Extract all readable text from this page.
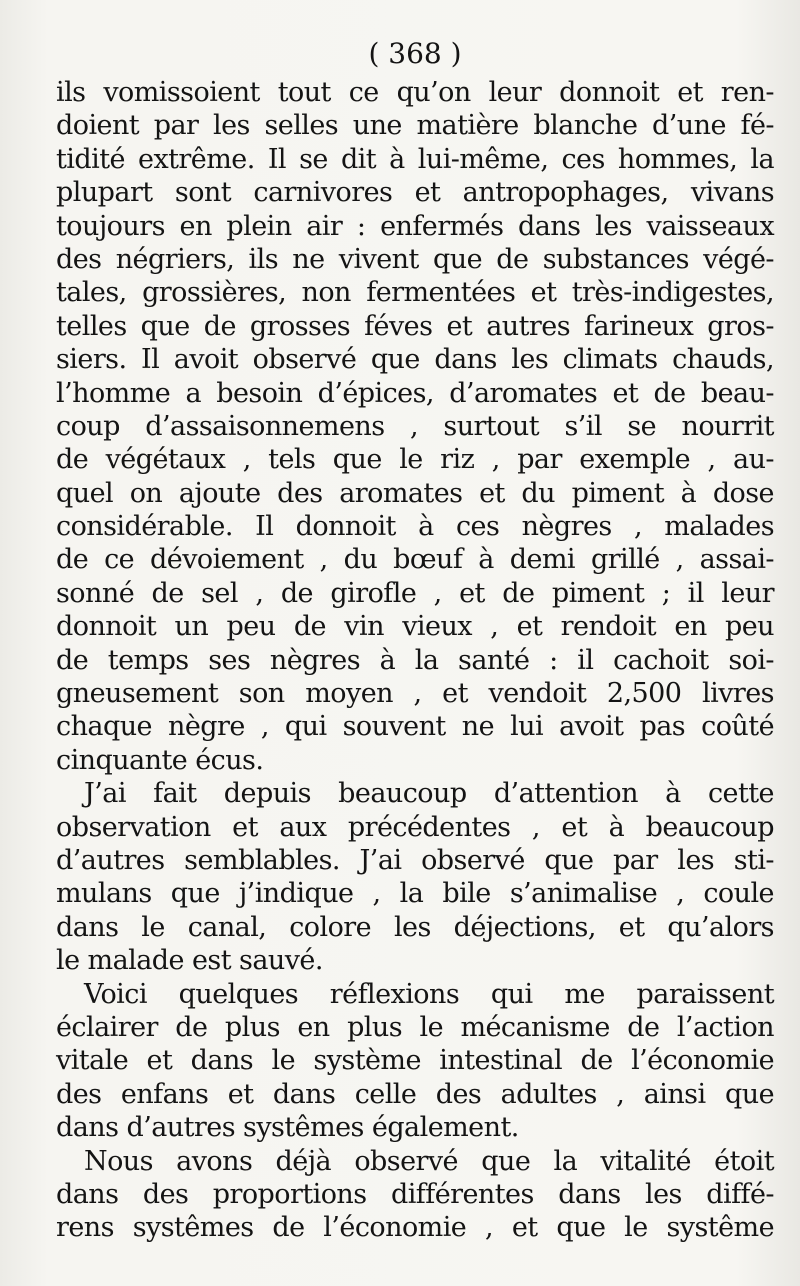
( 368 )
ils vomissoient tout ce qu’on leur donnoit et ren-
doient par les selles une matière blanche d’une fé-
tidité extrême. Il se dit à lui-même, ces hommes, la
plupart sont carnivores et antropophages, vivans
toujours en plein air : enfermés dans les vaisseaux
des négriers, ils ne vivent que de substances végé-
tales, grossières, non fermentées et très-indigestes,
telles que de grosses féves et autres farineux gros-
siers. Il avoit observé que dans les climats chauds,
l’homme a besoin d’épices, d’aromates et de beau-
coup d’assaisonnemens , surtout s’il se nourrit
de végétaux , tels que le riz , par exemple , au-
quel on ajoute des aromates et du piment à dose
considérable. Il donnoit à ces nègres , malades
de ce dévoiement , du bœuf à demi grillé , assai-
sonné de sel , de girofle , et de piment ; il leur
donnoit un peu de vin vieux , et rendoit en peu
de temps ses nègres à la santé : il cachoit soi-
gneusement son moyen , et vendoit 2,500 livres
chaque nègre , qui souvent ne lui avoit pas coûté
cinquante écus.
J’ai fait depuis beaucoup d’attention à cette
observation et aux précédentes , et à beaucoup
d’autres semblables. J’ai observé que par les sti-
mulans que j’indique , la bile s’animalise , coule
dans le canal, colore les déjections, et qu’alors
le malade est sauvé.
Voici quelques réflexions qui me paraissent
éclairer de plus en plus le mécanisme de l’action
vitale et dans le système intestinal de l’économie
des enfans et dans celle des adultes , ainsi que
dans d’autres systêmes également.
Nous avons déjà observé que la vitalité étoit
dans des proportions différentes dans les diffé-
rens systêmes de l’économie , et que le systême
